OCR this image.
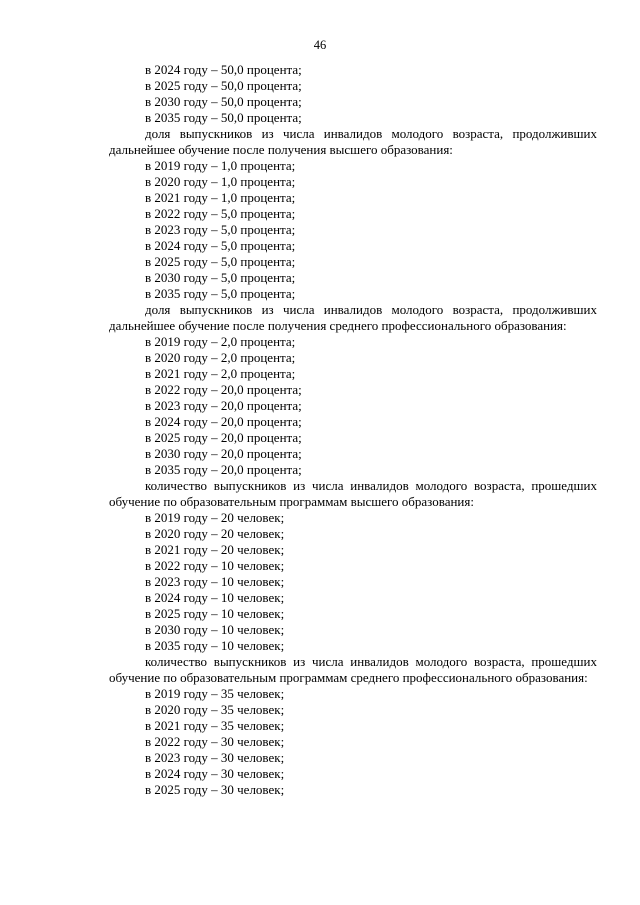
46
в 2024 году – 50,0 процента;
в 2025 году – 50,0 процента;
в 2030 году – 50,0 процента;
в 2035 году – 50,0 процента;
доля выпускников из числа инвалидов молодого возраста, продолживших дальнейшее обучение после получения высшего образования:
в 2019 году – 1,0 процента;
в 2020 году – 1,0 процента;
в 2021 году – 1,0 процента;
в 2022 году – 5,0 процента;
в 2023 году – 5,0 процента;
в 2024 году – 5,0 процента;
в 2025 году – 5,0 процента;
в 2030 году – 5,0 процента;
в 2035 году – 5,0 процента;
доля выпускников из числа инвалидов молодого возраста, продолживших дальнейшее обучение после получения среднего профессионального образования:
в 2019 году – 2,0 процента;
в 2020 году – 2,0 процента;
в 2021 году – 2,0 процента;
в 2022 году – 20,0 процента;
в 2023 году – 20,0 процента;
в 2024 году – 20,0 процента;
в 2025 году – 20,0 процента;
в 2030 году – 20,0 процента;
в 2035 году – 20,0 процента;
количество выпускников из числа инвалидов молодого возраста, прошедших обучение по образовательным программам высшего образования:
в 2019 году – 20 человек;
в 2020 году – 20 человек;
в 2021 году – 20 человек;
в 2022 году – 10 человек;
в 2023 году – 10 человек;
в 2024 году – 10 человек;
в 2025 году – 10 человек;
в 2030 году – 10 человек;
в 2035 году – 10 человек;
количество выпускников из числа инвалидов молодого возраста, прошедших обучение по образовательным программам среднего профессионального образования:
в 2019 году – 35 человек;
в 2020 году – 35 человек;
в 2021 году – 35 человек;
в 2022 году – 30 человек;
в 2023 году – 30 человек;
в 2024 году – 30 человек;
в 2025 году – 30 человек;
